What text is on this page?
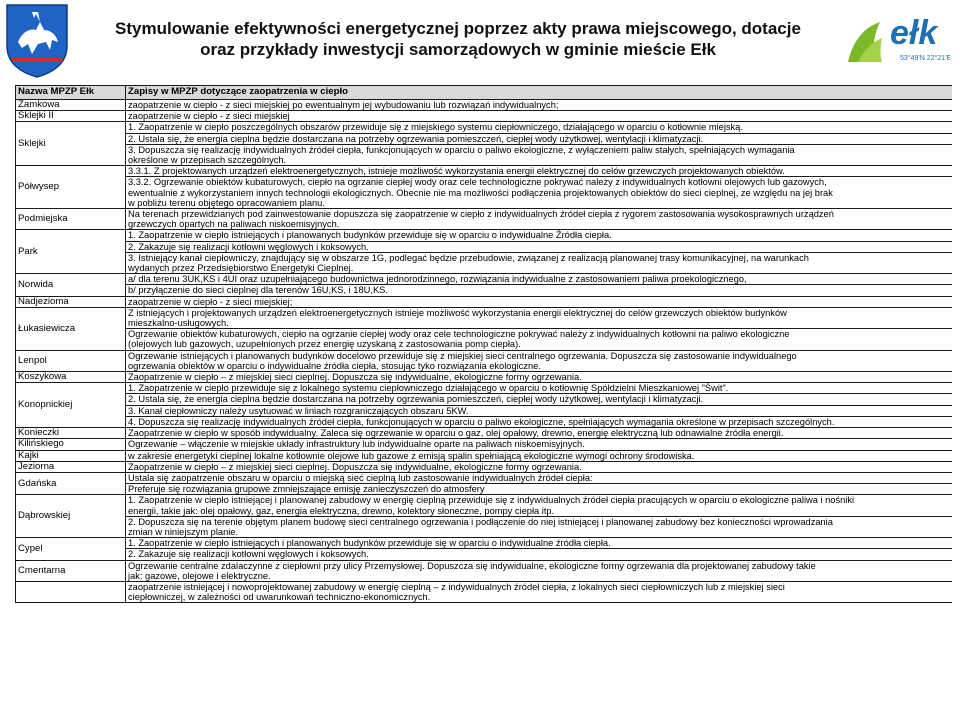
Stymulowanie efektywności energetycznej poprzez akty prawa miejscowego, dotacje
oraz przykłady inwestycji samorządowych w gminie mieście Ełk	ełk
53°49'N 22°21'E
Nazwa MPZP Ełk	Zapisy w MPZP dotyczące zaopatrzenia w ciepło
Zamkowa	zaopatrzenie w ciepło - z sieci miejskiej po ewentualnym jej wybudowaniu lub rozwiązań indywidualnych;

Sklejki II	zaopatrzenie w ciepło - z sieci miejskiej

Sklejki	1. Zaopatrzenie w ciepło poszczególnych obszarów przewiduje się z miejskiego systemu ciepłowniczego, działającego w oparciu o kotłownie miejską.

	2. Ustala się, że energia cieplna będzie dostarczana na potrzeby ogrzewania pomieszczeń, ciepłej wody użytkowej, wentylacji i klimatyzacji.

	3. Dopuszcza się realizację indywidualnych źródeł ciepła, funkcjonujących w oparciu o paliwo ekologiczne, z wyłączeniem paliw stałych, spełniających wymagania
określone w przepisach szczególnych.

Półwysep	3.3.1. Z projektowanych urządzeń elektroenergetycznych, istnieje możliwość wykorzystania energii elektrycznej do celów grzewczych projektowanych obiektów.

	3.3.2. Ogrzewanie obiektów kubaturowych, ciepło na ogrzanie ciepłej wody oraz cele technologiczne pokrywać należy z indywidualnych kotłowni olejowych lub gazowych,
ewentualnie z wykorzystaniem innych technologii ekologicznych. Obecnie nie ma możliwości podłączenia projektowanych obiektów do sieci cieplnej, ze względu na jej brak
w pobliżu terenu objętego opracowaniem planu.

Podmiejska	Na terenach przewidzianych pod zainwestowanie dopuszcza się zaopatrzenie w ciepło z indywidualnych źródeł ciepła z rygorem zastosowania wysokosprawnych urządzeń
grzewczych opartych na paliwach niskoemisyjnych.

Park	1. Zaopatrzenie w ciepło istniejących i planowanych budynków przewiduje się w oparciu o indywidualne Źródła ciepła.

	2. Zakazuje się realizacji kotłowni węglowych i koksowych.

	3. Istniejący kanał ciepłowniczy, znajdujący się w obszarze 1G, podlegać będzie przebudowie, związanej z realizacją planowanej trasy komunikacyjnej, na warunkach
wydanych przez Przedsiębiorstwo Energetyki Cieplnej.

Norwida	a/ dla terenu 3UK,KS i 4UI oraz uzupełniającego budownictwa jednorodzinnego, rozwiązania indywidualne z zastosowaniem paliwa proekologicznego,

	b/ przyłączenie do sieci cieplnej dla terenów 16U,KS, i 18U,KS.

Nadjezioma	zaopatrzenie w ciepło - z sieci miejskiej;

Łukasiewicza	Z istniejących i projektowanych urządzeń elektroenergetycznych istnieje możliwość wykorzystania energii elektrycznej do celów grzewczych obiektów budynków
mieszkalno-usługowych.

	Ogrzewanie obiektów kubaturowych, ciepło na ogrzanie ciepłej wody oraz cele technologiczne pokrywać należy z indywidualnych kotłowni na paliwo ekologiczne
(olejowych lub gazowych, uzupełnionych przez energię uzyskaną z zastosowania pomp ciepła).

Lenpol	Ogrzewanie istniejących i planowanych budynków docelowo przewiduje się z miejskiej sieci centralnego ogrzewania. Dopuszcza się zastosowanie indywidualnego
ogrzewania obiektów w oparciu o indywidualne źródła ciepła, stosując tyko rozwiązania ekologiczne.

Koszykowa	Zaopatrzenie w ciepło – z miejskiej sieci cieplnej. Dopuszcza się indywidualne, ekologiczne formy ogrzewania.

Konopnickiej	1. Zaopatrzenie w ciepło przewiduje się z lokalnego systemu ciepłowniczego działającego w oparciu o kotłownię Spółdzielni Mieszkaniowej "Świt".

	2. Ustala się, że energia cieplna będzie dostarczana na potrzeby ogrzewania pomieszczeń, ciepłej wody użytkowej, wentylacji i klimatyzacji.

	3. Kanał ciepłowniczy należy usytuować w liniach rozgraniczających obszaru 5KW.

	4. Dopuszcza się realizację indywidualnych źródeł ciepła, funkcjonujących w oparciu o paliwo ekologiczne, spełniających wymagania określone w przepisach szczególnych.

Konieczki	Zaopatrzenie w ciepło w sposób indywidualny. Zaleca się ogrzewanie w oparciu o gaz, olej opałowy, drewno, energię elektryczną lub odnawialne źródła energii.

Kilińskiego	Ogrzewanie – włączenie w miejskie układy infrastruktury lub indywidualne oparte na paliwach niskoemisyjnych.

Kajki	w zakresie energetyki cieplnej lokalne kotłownie olejowe lub gazowe z emisją spalin spełniającą ekologiczne wymogi ochrony środowiska.

Jeziorna	Zaopatrzenie w ciepło – z miejskiej sieci cieplnej. Dopuszcza się indywidualne, ekologiczne formy ogrzewania.

Gdańska	Ustala się zaopatrzenie obszaru w oparciu o miejską sieć cieplną lub zastosowanie indywidualnych źródeł ciepła:

	Preferuje się rozwiązania grupowe zmniejszające emisję zanieczyszczeń do atmosfery

Dąbrowskiej	1. Zaopatrzenie w ciepło istniejącej i planowanej zabudowy w energię cieplną przewiduje się z indywidualnych źródeł ciepła pracujących w oparciu o ekologiczne paliwa i nośniki
energii, takie jak: olej opałowy, gaz, energia elektryczna, drewno, kolektory słoneczne, pompy ciepła itp.

	2. Dopuszcza się na terenie objętym planem budowę sieci centralnego ogrzewania i podłączenie do niej istniejącej i planowanej zabudowy bez konieczności wprowadzania
zmian w niniejszym planie.

Cypel	1. Zaopatrzenie w ciepło istniejących i planowanych budynków przewiduje się w oparciu o indywidualne źródła ciepła.

	2. Zakazuje się realizacji kotłowni węglowych i koksowych.

Cmentarna	Ogrzewanie centralne zdalaczynne z ciepłowni przy ulicy Przemysłowej. Dopuszcza się indywidualne, ekologiczne formy ogrzewania dla projektowanej zabudowy takie
jak: gazowe, olejowe i elektryczne.

	zaopatrzenie istniejącej i nowoprojektowanej zabudowy w energię cieplną – z indywidualnych źródeł ciepła, z lokalnych sieci ciepłowniczych lub z miejskiej sieci
ciepłowniczej, w zależności od uwarunkowań techniczno-ekonomicznych.
